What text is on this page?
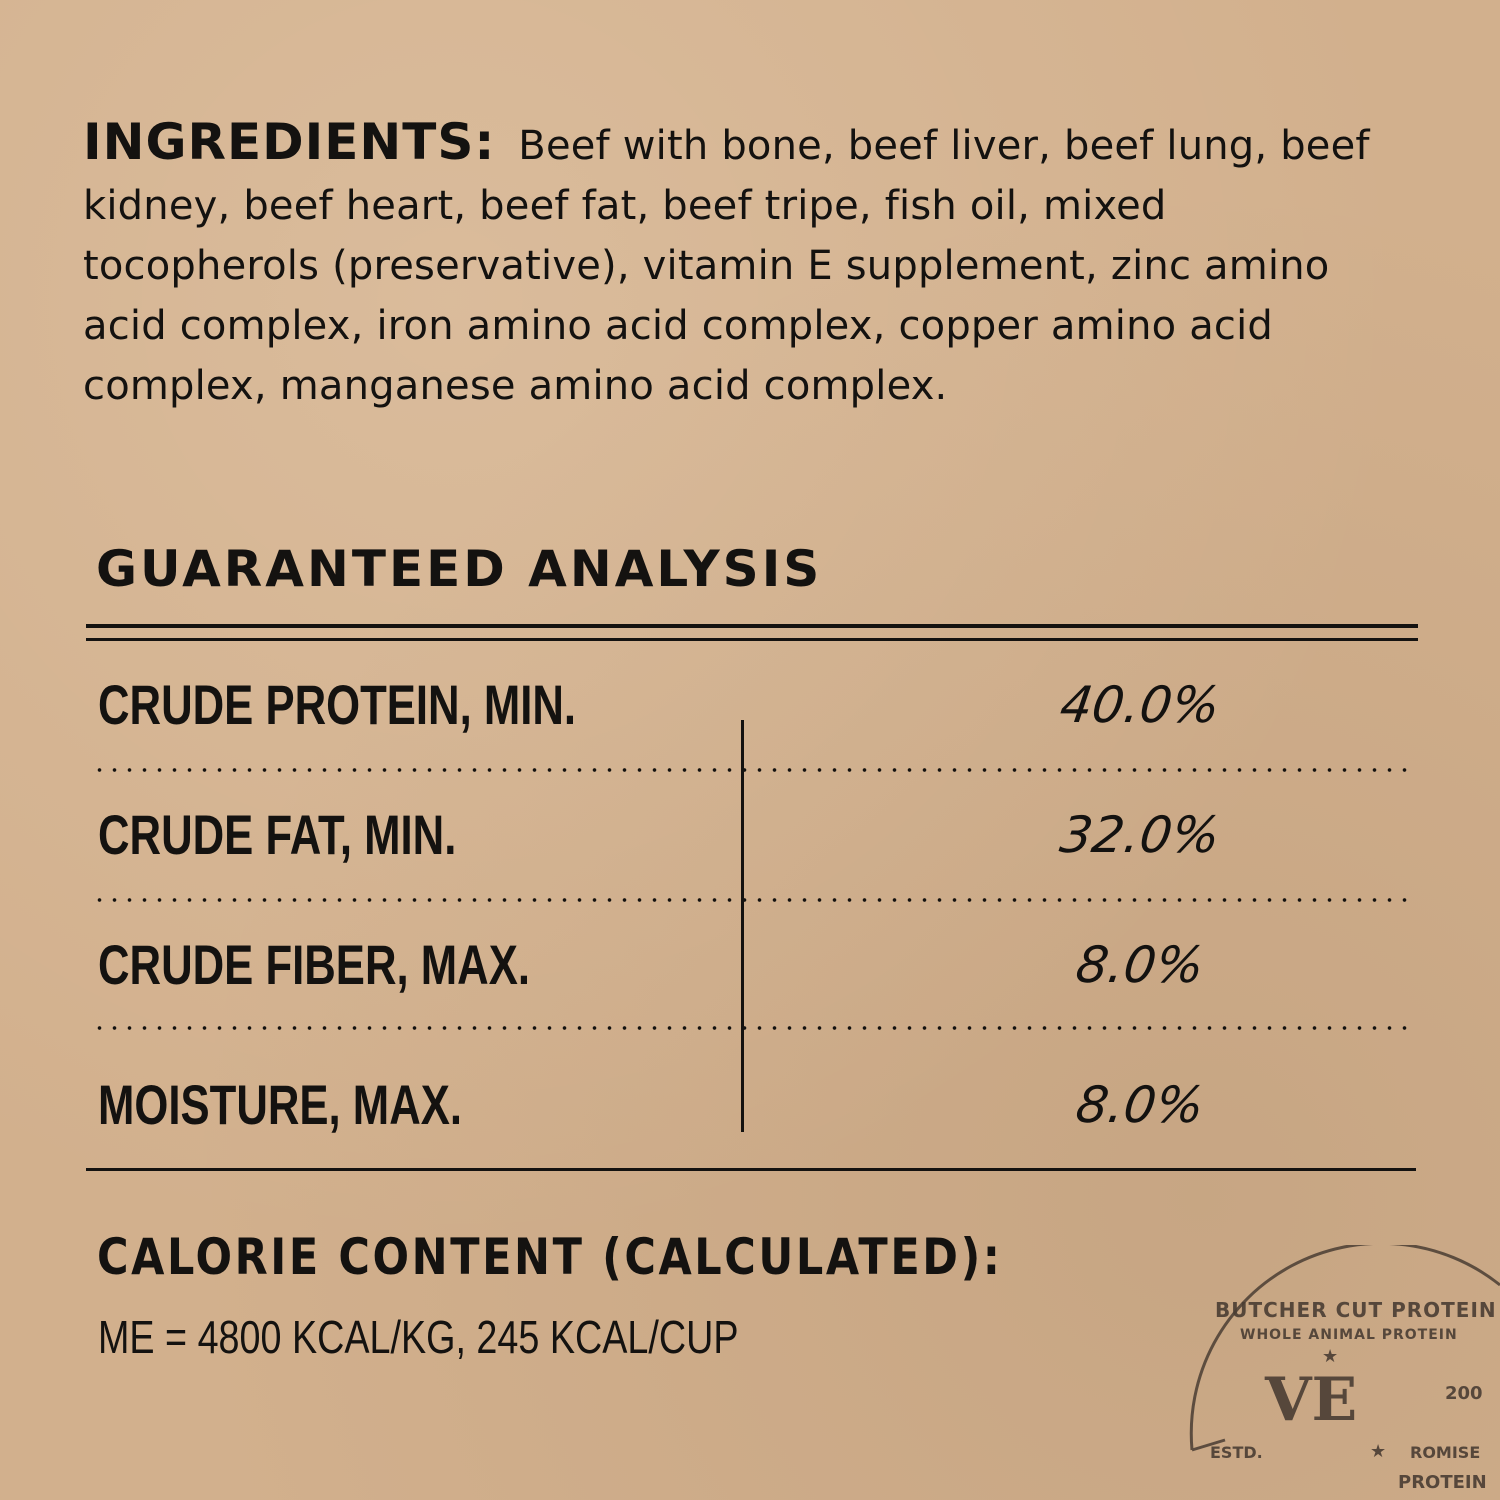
INGREDIENTS: Beef with bone, beef liver, beef lung, beef kidney, beef heart, beef fat, beef tripe, fish oil, mixed tocopherols (preservative), vitamin E supplement, zinc amino acid complex, iron amino acid complex, copper amino acid complex, manganese amino acid complex.
GUARANTEED ANALYSIS
CRUDE PROTEIN, MIN.	40.0%
CRUDE FAT, MIN.	32.0%
CRUDE FIBER, MAX.	8.0%
MOISTURE, MAX.	8.0%
CALORIE CONTENT (CALCULATED):
ME = 4800 KCAL/KG, 245 KCAL/CUP
BUTCHER CUT PROTEIN
WHOLE ANIMAL PROTEIN
★
VE	200
ESTD.	★ ROMISE
PROTEIN
